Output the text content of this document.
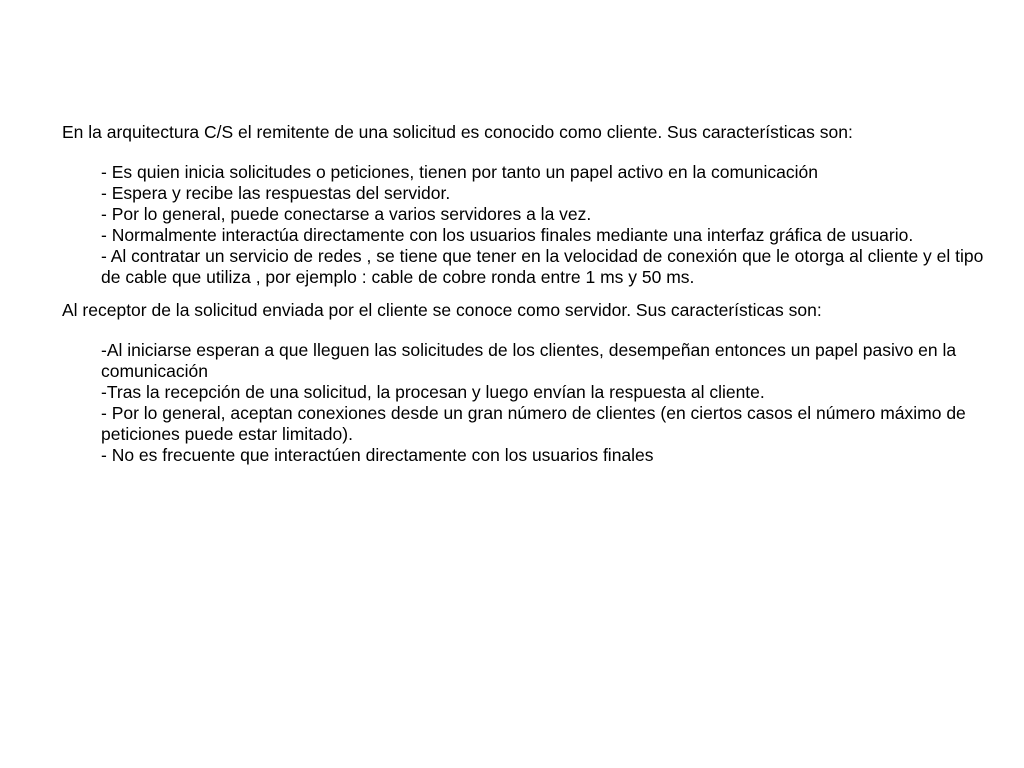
En la arquitectura C/S el remitente de una solicitud es conocido como cliente. Sus características son:

- Es quien inicia solicitudes o peticiones, tienen por tanto un papel activo en la comunicación
- Espera y recibe las respuestas del servidor.
- Por lo general, puede conectarse a varios servidores a la vez.
- Normalmente interactúa directamente con los usuarios finales mediante una interfaz gráfica de usuario.
- Al contratar un servicio de redes , se tiene que tener en la velocidad de conexión que le otorga al cliente y el tipo de cable que utiliza , por ejemplo : cable de cobre ronda entre 1 ms y 50 ms.

Al receptor de la solicitud enviada por el cliente se conoce como servidor. Sus características son:

-Al iniciarse esperan a que lleguen las solicitudes de los clientes, desempeñan entonces un papel pasivo en la comunicación
-Tras la recepción de una solicitud, la procesan y luego envían la respuesta al cliente.
- Por lo general, aceptan conexiones desde un gran número de clientes (en ciertos casos el número máximo de peticiones puede estar limitado).
- No es frecuente que interactúen directamente con los usuarios finales
